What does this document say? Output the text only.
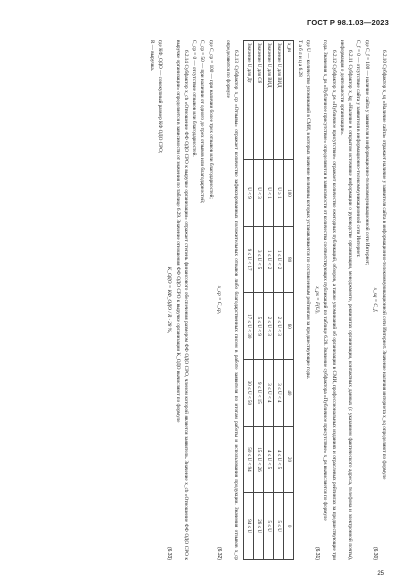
ГОСТ Р 98.1.03—2023

6.2.10 Субфактор x_sq «Наличие сайта» отражает наличие у заявителя сайта в информационно-телекоммуникационной сети Интернет. Значение наличия интернета x_sq определяют по формуле

x_sq = C_f,
(6.30)

где C_f = 100 — наличие сайта у заявителя в информационно-телекоммуникационной сети Интернет;

C_f = 0 — отсутствие сайта у заявителя в информационно-телекоммуникационной сети Интернет.

6.2.11 Субфактор x_kg «Наличие в открытом источнике информации о руководстве организации, менеджменте, реквизитах организации, контактных данных (с указанием фактического адреса, телефона и электронной почты), информация о деятельности организации».

6.2.12 Субфактор x_ps «Публичное присутствие» отражает количество ежегодных публикаций, обзоров, а также упоминаний об организации в СМИ, профессиональных изданиях и отраслевых рейтингах за предшествующие три года. Значения x_ps «Публичное присутствие» определяются в зависимости от количества соответствующих публикаций по таблице 6.28. Значение субфактора «Публичное присутствие» x_ps вычисляется по формуле

x_ps = F(U),
(6.31)

где U — количество упоминаний в СМИ, в которых значение величины которых устанавливается по составленным рейтингам за предшествующие годы.

Т а б л и ц а 6.28

x_ps	100	80	60	40	20	0
Значение U для ВИД	U ≥ 1	1 ≤ U < 2	2 ≤ U < 3	3 ≤ U < 4	4 ≤ U < 5	5 ≤ U
Значение U для ВИД	U < 1	1 ≤ U < 2	2 ≤ U < 3	3 ≤ U < 4	4 ≤ U < 5	5 ≤ U
Значение U для Сб	U < 3	3 ≤ U < 5	5 ≤ U < 9	9 ≤ U < 15	15 ≤ U < 26	26 ≤ U
Значение U для Дт	U < 9	9 ≤ U < 17	17 ≤ U < 30	30 ≤ U < 50	50 ≤ U < 94	94 ≤ U

6.2.13 Субфактор x_cp «Отзывы» отражает количество зафиксированных положительных отзывов либо благодарственных писем в работе заявителя по итогам работы и использования продукции. Значения отзывов x_cp определяются по формуле

x_cp = C_cp,
(6.32)

где C_cp = 100 — при наличии более трех отзывов или благодарностей;

C_cp = 50 — при наличии от одного до трех отзывов или благодарностей;

C_cp = 0 — отсутствие отзывов или благодарностей.

6.2.14 Субфактор x_cb «Отношение ФФ ОДО СРО к выручке организации» отражает степень финансового обеспечения размером ФФ ОДО СРО, членом которой является заявитель. Значение x_cb «Отношение ФФ ОДО СРО к выручке организации» определяется в зависимости от значения по таблице 6.29. Значение отношения ФФ ОДО СРО к выручке организации K_ОДО вычисляют по формуле

K_ОДО = КФ_ОДО / R · 28 %,
(6.33)

где КФ_ОДО — совокупный размер КФ ОДО СРО;

R — выручка.

25
